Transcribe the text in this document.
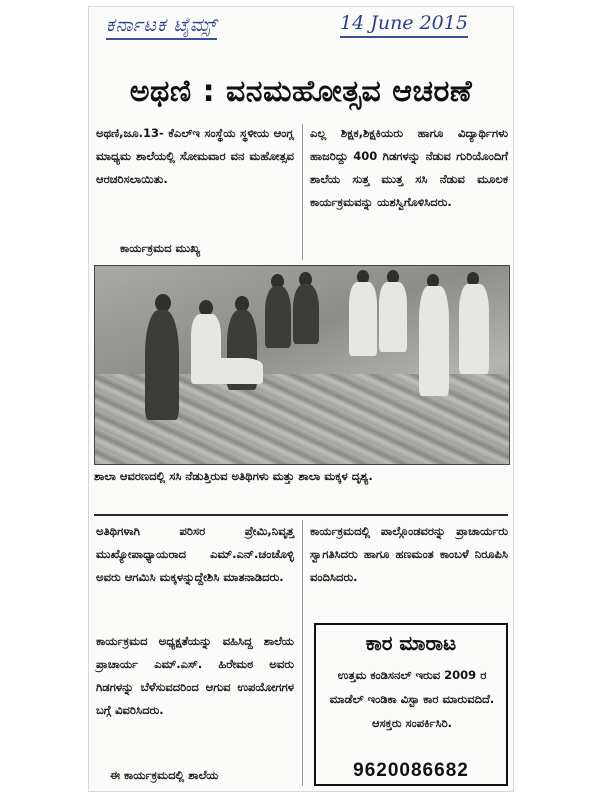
ಕರ್ನಾಟಕ ಟೈಮ್ಸ್	14 June 2015
ಅಥಣಿ : ವನಮಹೋತ್ಸವ ಆಚರಣೆ

ಅಥಣಿ,ಜೂ.13- ಕೆಎಲ್ಇ ಸಂಸ್ಥೆಯ ಸ್ಥಳೀಯ ಆಂಗ್ಲ ಮಾಧ್ಯಮ ಶಾಲೆಯಲ್ಲಿ ಸೋಮವಾರ ವನ ಮಹೋತ್ಸವ ಆರಚರಿಸಲಾಯಿತು.

ಕಾರ್ಯಕ್ರಮದ ಮುಖ್ಯ

ಎಲ್ಲ ಶಿಕ್ಷಕ,ಶಿಕ್ಷಕಿಯರು ಹಾಗೂ ವಿದ್ಯಾರ್ಥಿಗಳು ಹಾಜರಿದ್ದು 400 ಗಿಡಗಳನ್ನು ನೆಡುವ ಗುರಿಯೊಂದಿಗೆ ಶಾಲೆಯ ಸುತ್ತ ಮುತ್ತ ಸಸಿ ನೆಡುವ ಮೂಲಕ ಕಾರ್ಯಕ್ರಮವನ್ನು ಯಶಸ್ವಿಗೊಳಿಸಿದರು.

ಶಾಲಾ ಆವರಣದಲ್ಲಿ ಸಸಿ ನೆಡುತ್ತಿರುವ ಅತಿಥಿಗಳು ಮತ್ತು ಶಾಲಾ ಮಕ್ಕಳ ದೃಶ್ಯ.

ಅತಿಥಿಗಳಾಗಿ ಪರಿಸರ ಪ್ರೇಮಿ,ನಿವೃತ್ತ ಮುಖ್ಯೋಪಾಧ್ಯಾಯರಾದ ಎಮ್.ಎನ್.ಚಂಚೊಳ್ಳಿ ಅವರು ಆಗಮಿಸಿ ಮಕ್ಕಳನ್ನುದ್ದೇಶಿಸಿ ಮಾತನಾಡಿದರು.

ಕಾರ್ಯಕ್ರಮದ ಅಧ್ಯಕ್ಷತೆಯನ್ನು ವಹಿಸಿದ್ದ ಶಾಲೆಯ ಪ್ರಾಚಾರ್ಯ ಎಮ್.ಎಸ್. ಹಿರೇಮಠ ಅವರು ಗಿಡಗಳನ್ನು ಬೆಳೆಸುವದರಿಂದ ಆಗುವ ಉಪಯೋಗಗಳ ಬಗ್ಗೆ ವಿವರಿಸಿದರು.

ಈ ಕಾರ್ಯಕ್ರಮದಲ್ಲಿ ಶಾಲೆಯ

ಕಾರ್ಯಕ್ರಮದಲ್ಲಿ ಪಾಲ್ಗೊಂಡವರನ್ನು ಪ್ರಾಚಾರ್ಯರು ಸ್ವಾಗತಿಸಿದರು ಹಾಗೂ ಹಣಮಂತ ಕಾಂಬಳೆ ನಿರೂಪಿಸಿ ವಂದಿಸಿದರು.

ಕಾರ ಮಾರಾಟ

ಉತ್ತಮ ಕಂಡಿಸನಲ್ ಇರುವ 2009 ರ ಮಾಡೆಲ್ ಇಂಡಿಕಾ ವಿಸ್ಟಾ ಕಾರ ಮಾರುವದಿದೆ. ಆಸಕ್ತರು ಸಂಪರ್ಕಿಸಿರಿ.

9620086682
